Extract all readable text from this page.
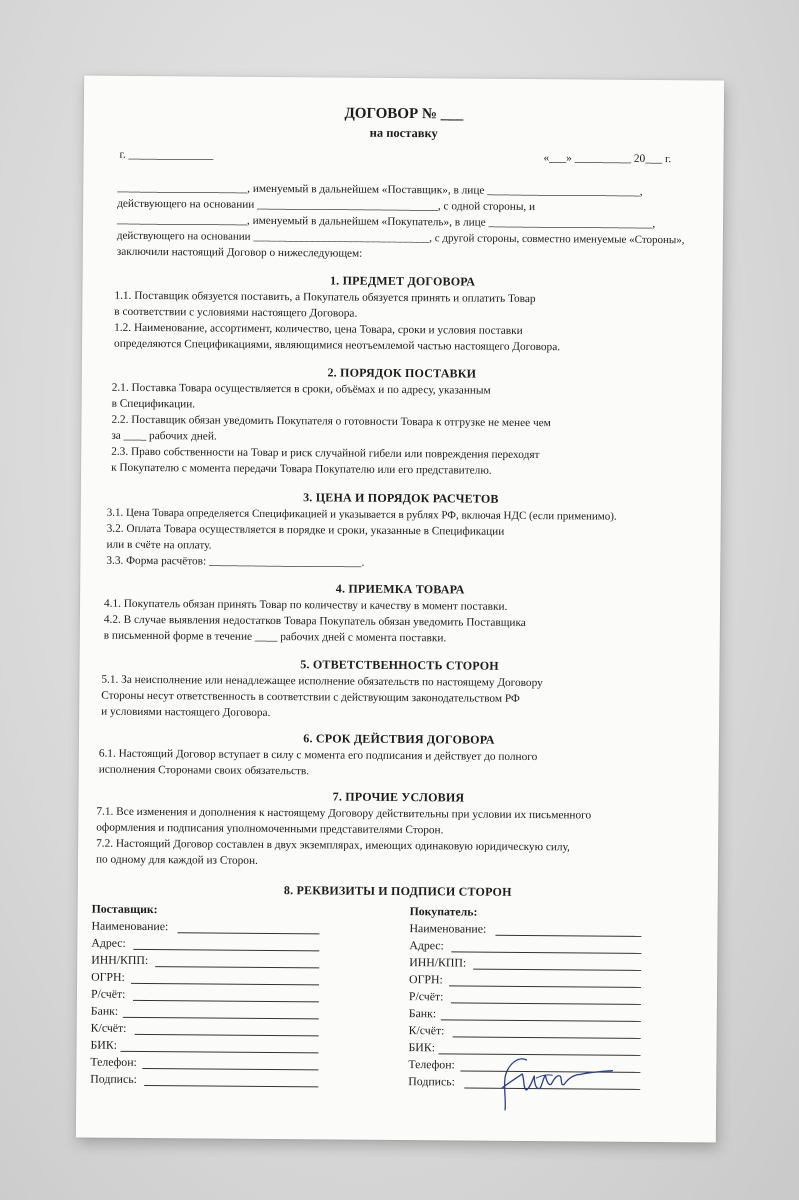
ДОГОВОР № ___
на поставку
г. _______________	«___» __________ 20___ г.
_______________________, именуемый в дальнейшем «Поставщик», в лице ___________________________,
действующего на основании ________________________________, с одной стороны, и
_______________________, именуемый в дальнейшем «Покупатель», в лице _____________________________,
действующего на основании ________________________________, с другой стороны, совместно именуемые «Стороны»,
заключили настоящий Договор о нижеследующем:
1. ПРЕДМЕТ ДОГОВОРА
1.1. Поставщик обязуется поставить, а Покупатель обязуется принять и оплатить Товар
в соответствии с условиями настоящего Договора.
1.2. Наименование, ассортимент, количество, цена Товара, сроки и условия поставки
определяются Спецификациями, являющимися неотъемлемой частью настоящего Договора.
2. ПОРЯДОК ПОСТАВКИ
2.1. Поставка Товара осуществляется в сроки, объёмах и по адресу, указанным
в Спецификации.
2.2. Поставщик обязан уведомить Покупателя о готовности Товара к отгрузке не менее чем
за ____ рабочих дней.
2.3. Право собственности на Товар и риск случайной гибели или повреждения переходят
к Покупателю с момента передачи Товара Покупателю или его представителю.
3. ЦЕНА И ПОРЯДОК РАСЧЕТОВ
3.1. Цена Товара определяется Спецификацией и указывается в рублях РФ, включая НДС (если применимо).
3.2. Оплата Товара осуществляется в порядке и сроки, указанные в Спецификации
или в счёте на оплату.
3.3. Форма расчётов: ___________________________.
4. ПРИЕМКА ТОВАРА
4.1. Покупатель обязан принять Товар по количеству и качеству в момент поставки.
4.2. В случае выявления недостатков Товара Покупатель обязан уведомить Поставщика
в письменной форме в течение ____ рабочих дней с момента поставки.
5. ОТВЕТСТВЕННОСТЬ СТОРОН
5.1. За неисполнение или ненадлежащее исполнение обязательств по настоящему Договору
Стороны несут ответственность в соответствии с действующим законодательством РФ
и условиями настоящего Договора.
6. СРОК ДЕЙСТВИЯ ДОГОВОРА
6.1. Настоящий Договор вступает в силу с момента его подписания и действует до полного
исполнения Сторонами своих обязательств.
7. ПРОЧИЕ УСЛОВИЯ
7.1. Все изменения и дополнения к настоящему Договору действительны при условии их письменного
оформления и подписания уполномоченными представителями Сторон.
7.2. Настоящий Договор составлен в двух экземплярах, имеющих одинаковую юридическую силу,
по одному для каждой из Сторон.
8. РЕКВИЗИТЫ И ПОДПИСИ СТОРОН
Поставщик:	Покупатель:
Наименование:
Адрес:
ИНН/КПП:
ОГРН:
Р/счёт:
Банк:
К/счёт:
БИК:
Телефон:
Подпись:
Наименование:
Адрес:
ИНН/КПП:
ОГРН:
Р/счёт:
Банк:
К/счёт:
БИК:
Телефон:
Подпись:
